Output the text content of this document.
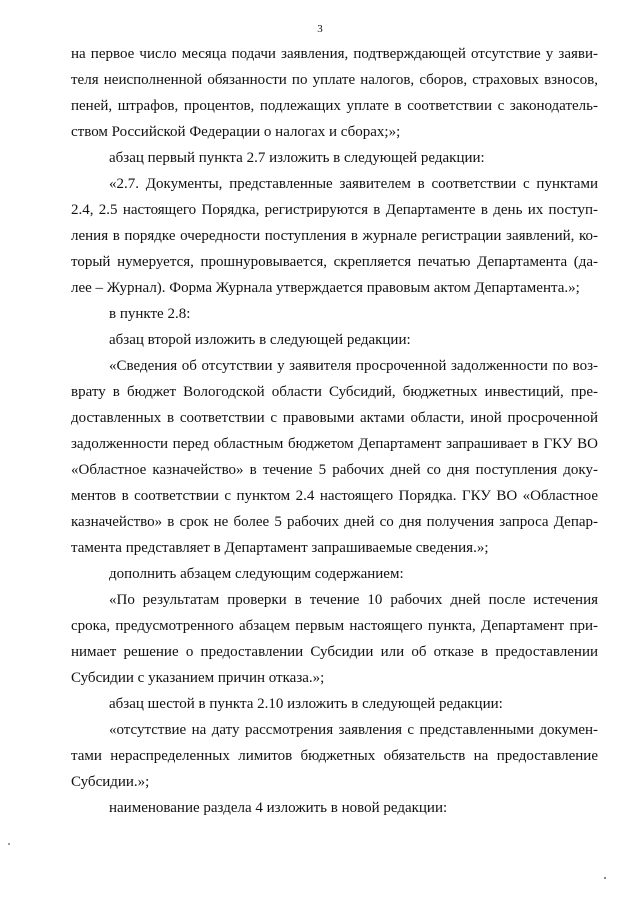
3
на первое число месяца подачи заявления, подтверждающей отсутствие у заяви-
теля неисполненной обязанности по уплате налогов, сборов, страховых взносов,
пеней, штрафов, процентов, подлежащих уплате в соответствии с законодатель-
ством Российской Федерации о налогах и сборах;»;
абзац первый пункта 2.7 изложить в следующей редакции:
«2.7. Документы, представленные заявителем в соответствии с пунктами
2.4, 2.5 настоящего Порядка, регистрируются в Департаменте в день их поступ-
ления в порядке очередности поступления в журнале регистрации заявлений, ко-
торый нумеруется, прошнуровывается, скрепляется печатью Департамента (да-
лее – Журнал). Форма Журнала утверждается правовым актом Департамента.»;
в пункте 2.8:
абзац второй изложить в следующей редакции:
«Сведения об отсутствии у заявителя просроченной задолженности по воз-
врату в бюджет Вологодской области Субсидий, бюджетных инвестиций, пре-
доставленных в соответствии с правовыми актами области, иной просроченной
задолженности перед областным бюджетом Департамент запрашивает в ГКУ ВО
«Областное казначейство» в течение 5 рабочих дней со дня поступления доку-
ментов в соответствии с пунктом 2.4 настоящего Порядка. ГКУ ВО «Областное
казначейство» в срок не более 5 рабочих дней со дня получения запроса Депар-
тамента представляет в Департамент запрашиваемые сведения.»;
дополнить абзацем следующим содержанием:
«По результатам проверки в течение 10 рабочих дней после истечения
срока, предусмотренного абзацем первым настоящего пункта, Департамент при-
нимает решение о предоставлении Субсидии или об отказе в предоставлении
Субсидии с указанием причин отказа.»;
абзац шестой в пункта 2.10 изложить в следующей редакции:
«отсутствие на дату рассмотрения заявления с представленными докумен-
тами нераспределенных лимитов бюджетных обязательств на предоставление
Субсидии.»;
наименование раздела 4 изложить в новой редакции:
